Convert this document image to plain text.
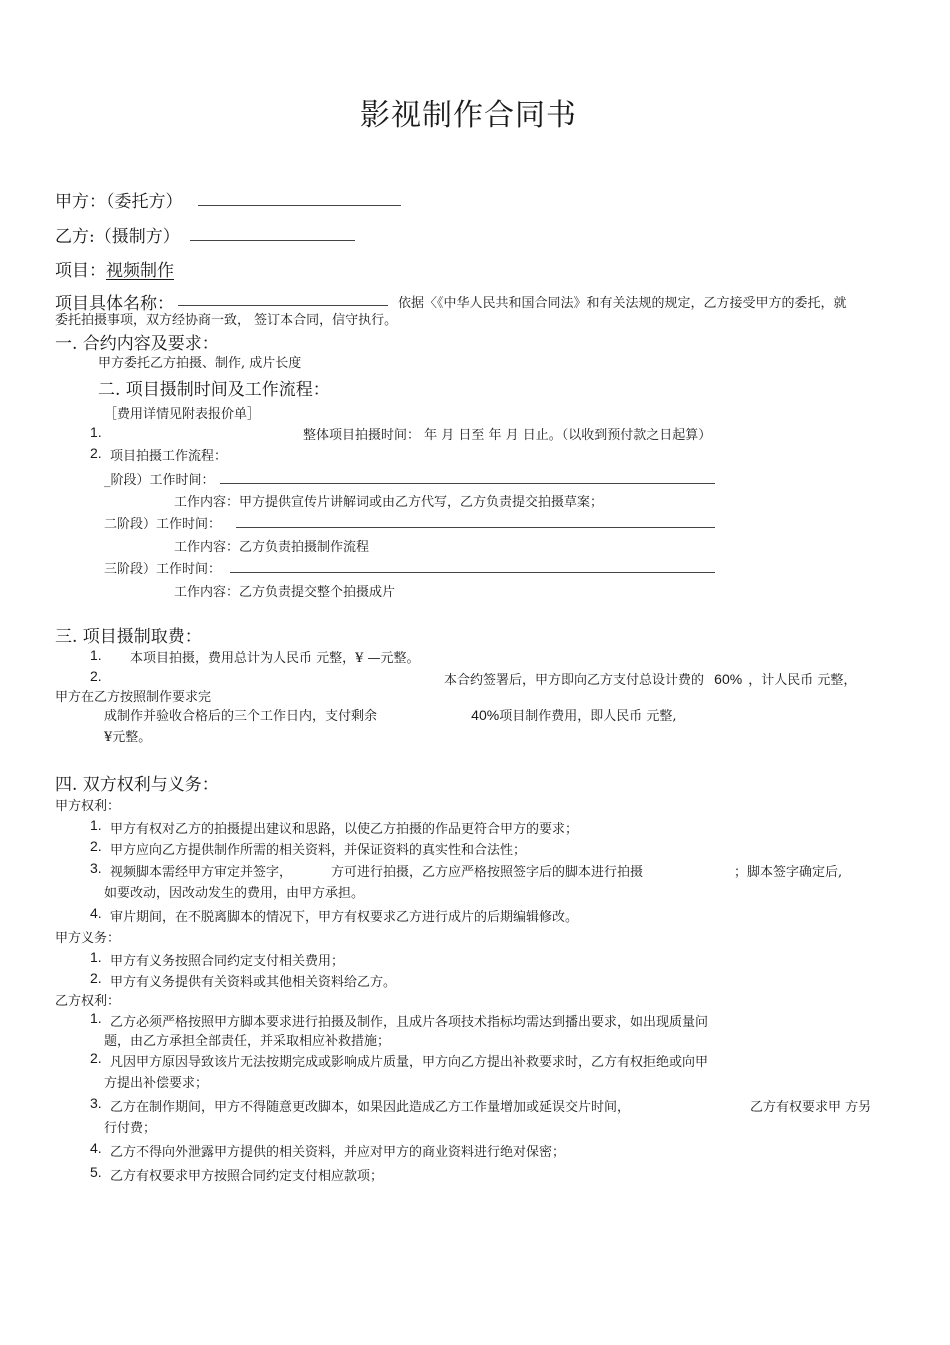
影视制作合同书
甲方：（委托方）
乙方:（摄制方）
项目：视频制作
项目具体名称：	依据〈《中华人民共和国合同法》和有关法规的规定，乙方接受甲方的委托，就
委托拍摄事项，双方经协商一致， 签订本合同，信守执行。
一. 合约内容及要求：
甲方委托乙方拍摄、制作, 成片长度
二. 项目摄制时间及工作流程：
［费用详情见附表报价单］
1.	整体项目拍摄时间： 年 月 日至 年 月 日止。（以收到预付款之日起算）
2. 项目拍摄工作流程：
_阶段）工作时间：
工作内容：甲方提供宣传片讲解词或由乙方代写，乙方负责提交拍摄草案；
二阶段）工作时间：
工作内容：乙方负责拍摄制作流程
三阶段）工作时间：
工作内容：乙方负责提交整个拍摄成片
三. 项目摄制取费：
1. 本项目拍摄，费用总计为人民币 元整，¥ —元整。
2.	本合约签署后，甲方即向乙方支付总设计费的 60% ，计人民币 元整，
甲方在乙方按照制作要求完
成制作并验收合格后的三个工作日内，支付剩余	40%项目制作费用，即人民币 元整,
¥元整。
四. 双方权利与义务：
甲方权利：
1. 甲方有权对乙方的拍摄提出建议和思路，以使乙方拍摄的作品更符合甲方的要求；
2. 甲方应向乙方提供制作所需的相关资料，并保证资料的真实性和合法性；
3. 视频脚本需经甲方审定并签字，	方可进行拍摄，乙方应严格按照签字后的脚本进行拍摄	；脚本签字确定后,
如要改动，因改动发生的费用，由甲方承担。
4. 审片期间，在不脱离脚本的情况下，甲方有权要求乙方进行成片的后期编辑修改。
甲方义务：
1. 甲方有义务按照合同约定支付相关费用；
2. 甲方有义务提供有关资料或其他相关资料给乙方。
乙方权利：
1. 乙方必须严格按照甲方脚本要求进行拍摄及制作，且成片各项技术指标均需达到播出要求，如出现质量问
题，由乙方承担全部责任，并采取相应补救措施；
2. 凡因甲方原因导致该片无法按期完成或影响成片质量，甲方向乙方提出补救要求时，乙方有权拒绝或向甲
方提出补偿要求；
3. 乙方在制作期间，甲方不得随意更改脚本，如果因此造成乙方工作量增加或延误交片时间，	乙方有权要求甲 方另
行付费；
4. 乙方不得向外泄露甲方提供的相关资料，并应对甲方的商业资料进行绝对保密；
5. 乙方有权要求甲方按照合同约定支付相应款项；
